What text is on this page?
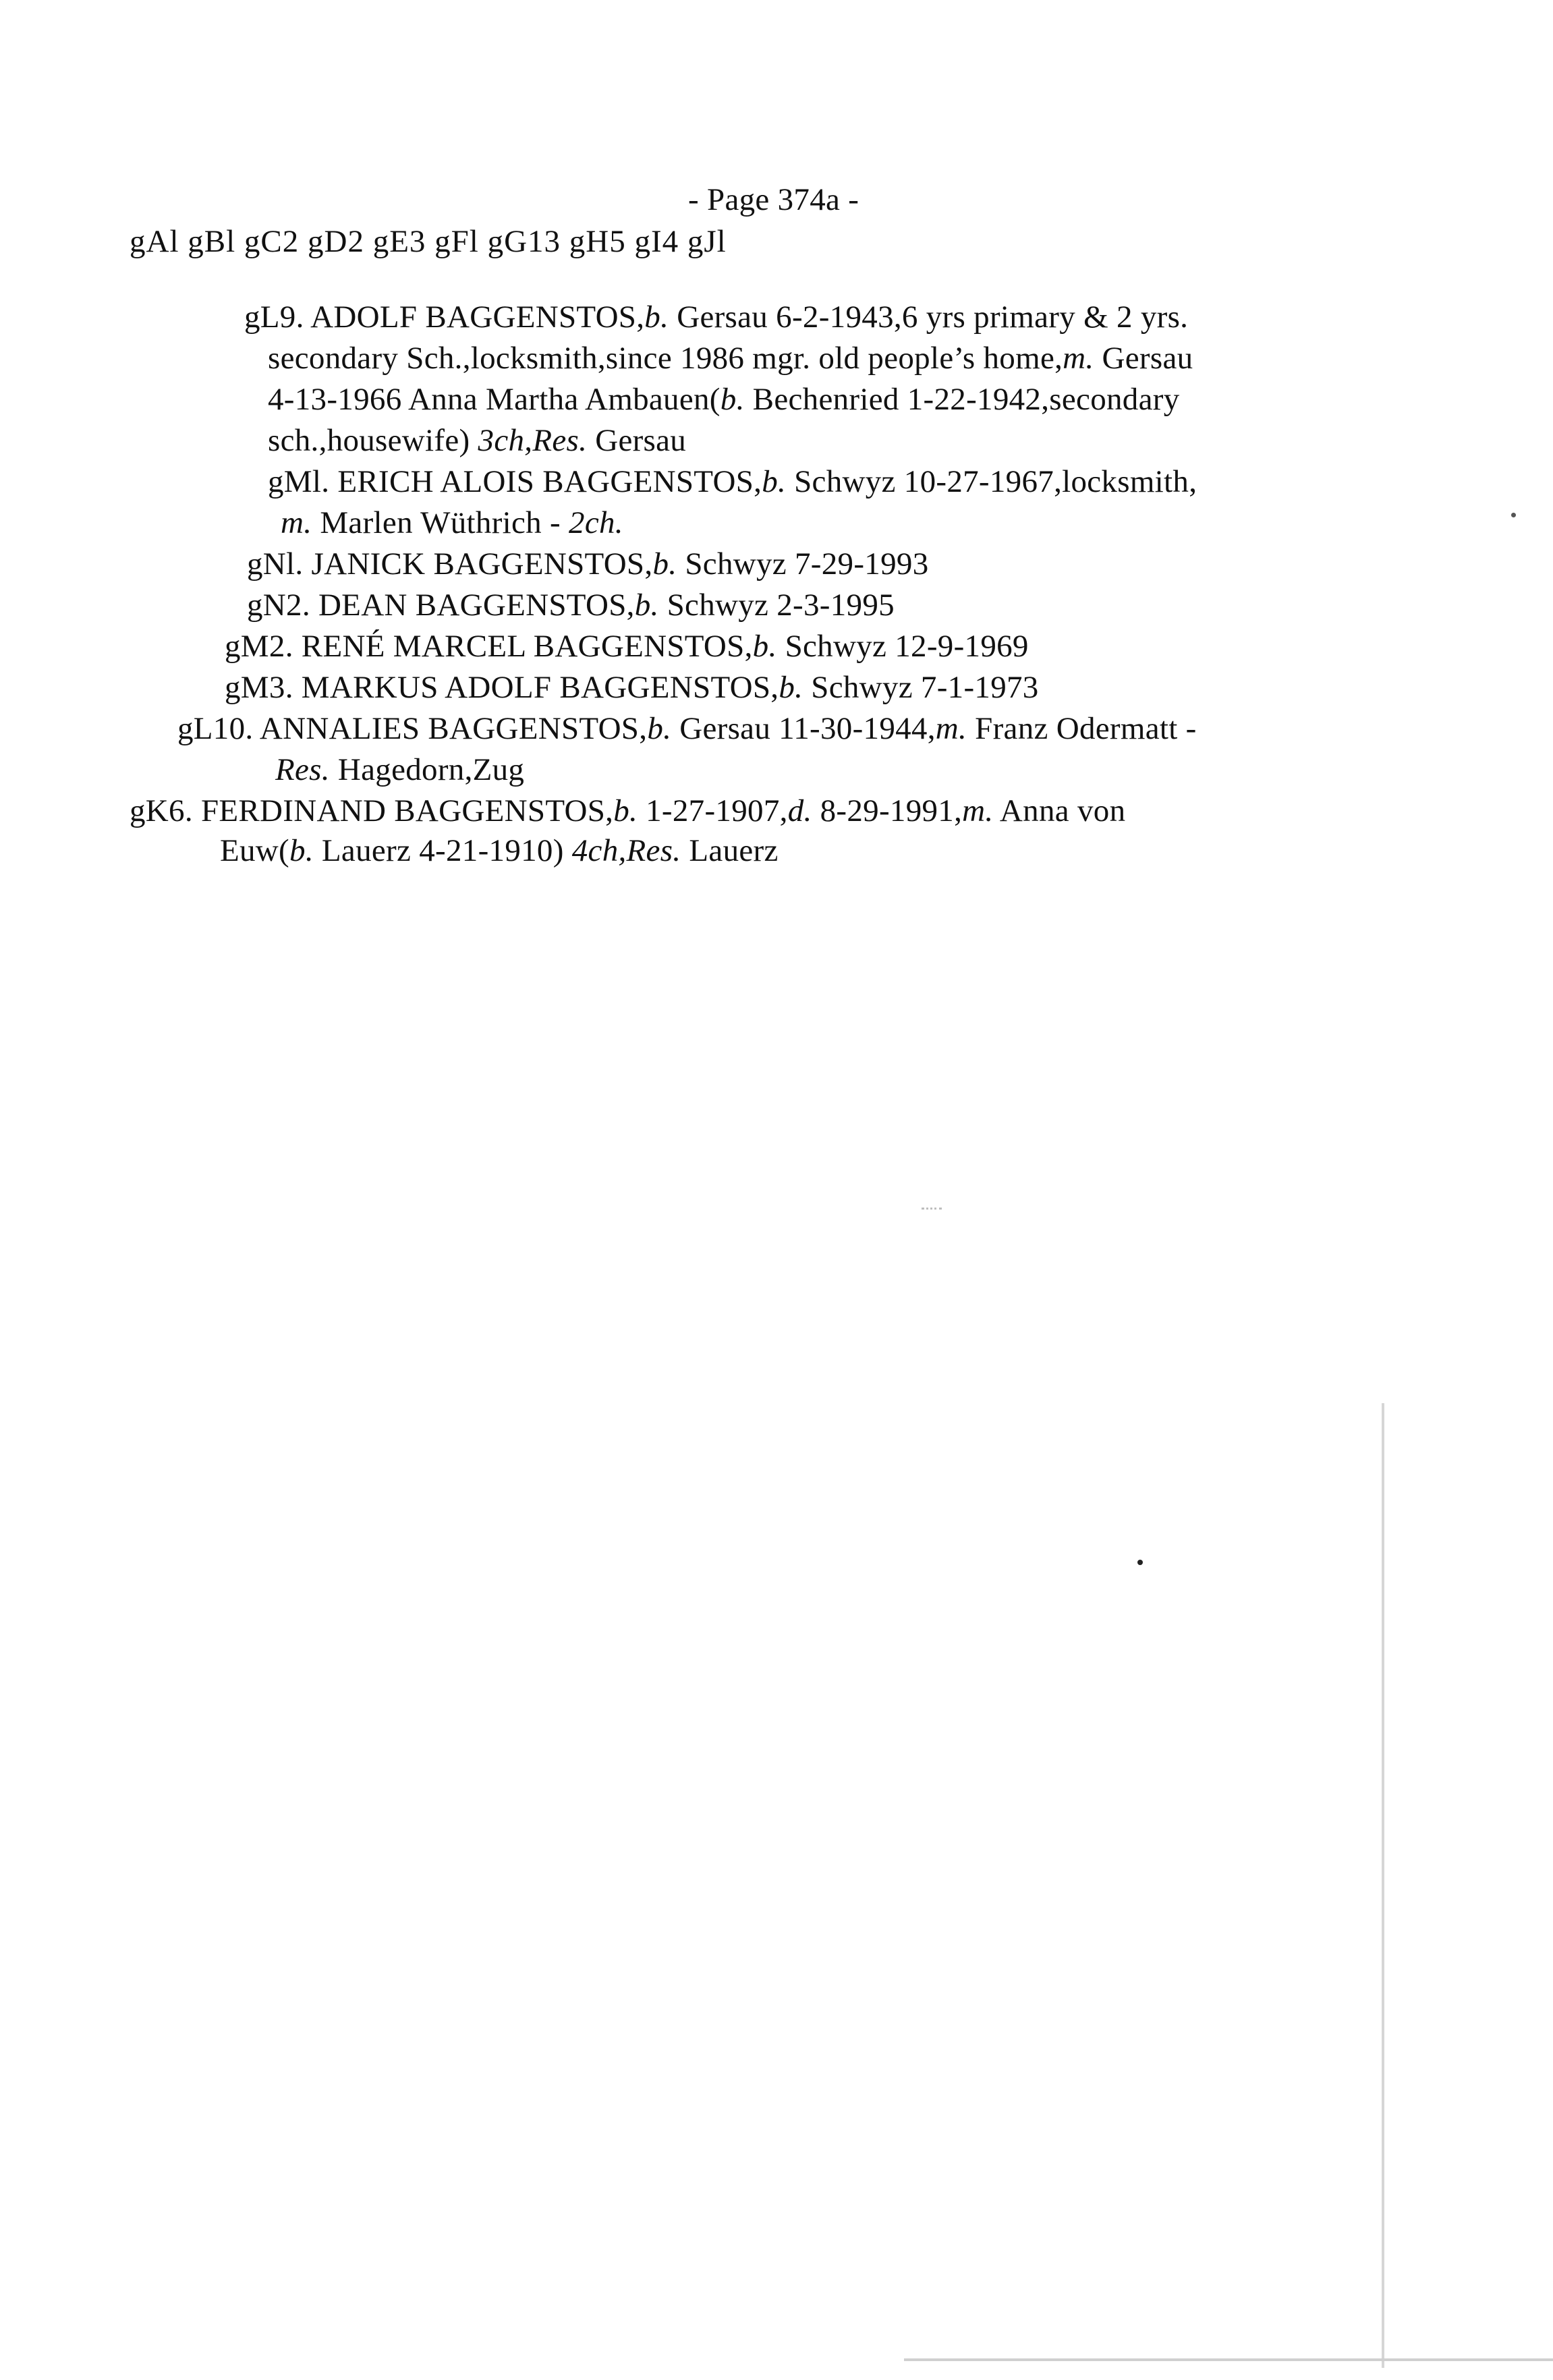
- Page 374a -
gAl gBl gC2 gD2 gE3 gFl gG13 gH5 gI4 gJl
gL9. ADOLF BAGGENSTOS,b. Gersau 6-2-1943,6 yrs primary & 2 yrs.
secondary Sch.,locksmith,since 1986 mgr. old people’s home,m. Gersau
4-13-1966 Anna Martha Ambauen(b. Bechenried 1-22-1942,secondary
sch.,housewife) 3ch,Res. Gersau
gMl. ERICH ALOIS BAGGENSTOS,b. Schwyz 10-27-1967,locksmith,
m. Marlen Wüthrich - 2ch.
gNl. JANICK BAGGENSTOS,b. Schwyz 7-29-1993
gN2. DEAN BAGGENSTOS,b. Schwyz 2-3-1995
gM2. RENÉ MARCEL BAGGENSTOS,b. Schwyz 12-9-1969
gM3. MARKUS ADOLF BAGGENSTOS,b. Schwyz 7-1-1973
gL10. ANNALIES BAGGENSTOS,b. Gersau 11-30-1944,m. Franz Odermatt -
Res. Hagedorn,Zug
gK6. FERDINAND BAGGENSTOS,b. 1-27-1907,d. 8-29-1991,m. Anna von
Euw(b. Lauerz 4-21-1910) 4ch,Res. Lauerz
